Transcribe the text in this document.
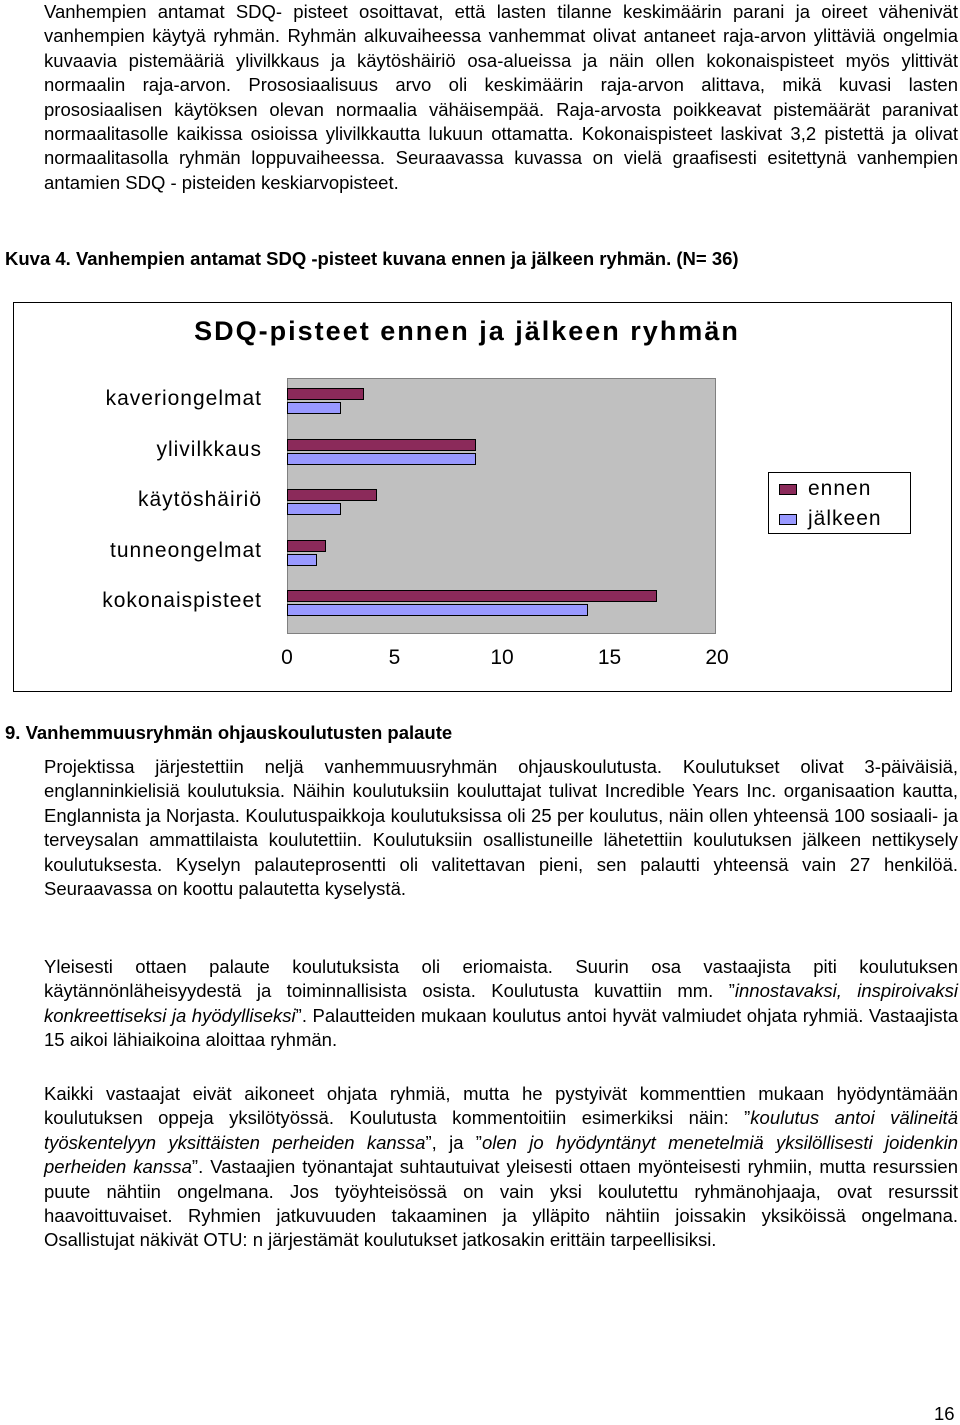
Vanhempien antamat SDQ- pisteet osoittavat, että lasten tilanne keskimäärin parani ja oireet vähenivät vanhempien käytyä ryhmän. Ryhmän alkuvaiheessa vanhemmat olivat antaneet raja-arvon ylittäviä ongelmia kuvaavia pistemääriä ylivilkkaus ja käytöshäiriö osa-alueissa ja näin ollen kokonaispisteet myös ylittivät normaalin raja-arvon. Prososiaalisuus arvo oli keskimäärin raja-arvon alittava, mikä kuvasi lasten prososiaalisen käytöksen olevan normaalia vähäisempää. Raja-arvosta poikkeavat pistemäärät paranivat normaalitasolle kaikissa osioissa ylivilkkautta lukuun ottamatta. Kokonaispisteet laskivat 3,2 pistettä ja olivat normaalitasolla ryhmän loppuvaiheessa. Seuraavassa kuvassa on vielä graafisesti esitettynä vanhempien antamien SDQ - pisteiden keskiarvopisteet.
Kuva 4. Vanhempien antamat SDQ -pisteet kuvana ennen ja jälkeen ryhmän. (N= 36)
SDQ-pisteet ennen ja jälkeen ryhmän
kaveriongelmat
ylivilkkaus
käytöshäiriö
tunneongelmat
kokonaispisteet
0	5	10	15	20
ennen
jälkeen
9. Vanhemmuusryhmän ohjauskoulutusten palaute
Projektissa järjestettiin neljä vanhemmuusryhmän ohjauskoulutusta. Koulutukset olivat 3-päiväisiä, englanninkielisiä koulutuksia. Näihin koulutuksiin kouluttajat tulivat Incredible Years Inc. organisaation kautta, Englannista ja Norjasta. Koulutuspaikkoja koulutuksissa oli 25 per koulutus, näin ollen yhteensä 100 sosiaali- ja terveysalan ammattilaista koulutettiin. Koulutuksiin osallistuneille lähetettiin koulutuksen jälkeen nettikysely koulutuksesta. Kyselyn palauteprosentti oli valitettavan pieni, sen palautti yhteensä vain 27 henkilöä. Seuraavassa on koottu palautetta kyselystä.
Yleisesti ottaen palaute koulutuksista oli eriomaista. Suurin osa vastaajista piti koulutuksen käytännönläheisyydestä ja toiminnallisista osista. Koulutusta kuvattiin mm. ”innostavaksi, inspiroivaksi konkreettiseksi ja hyödylliseksi”. Palautteiden mukaan koulutus antoi hyvät valmiudet ohjata ryhmiä. Vastaajista 15 aikoi lähiaikoina aloittaa ryhmän.
Kaikki vastaajat eivät aikoneet ohjata ryhmiä, mutta he pystyivät kommenttien mukaan hyödyntämään koulutuksen oppeja yksilötyössä. Koulutusta kommentoitiin esimerkiksi näin: ”koulutus antoi välineitä työskentelyyn yksittäisten perheiden kanssa”, ja ”olen jo hyödyntänyt menetelmiä yksilöllisesti joidenkin perheiden kanssa”. Vastaajien työnantajat suhtautuivat yleisesti ottaen myönteisesti ryhmiin, mutta resurssien puute nähtiin ongelmana. Jos työyhteisössä on vain yksi koulutettu ryhmänohjaaja, ovat resurssit haavoittuvaiset. Ryhmien jatkuvuuden takaaminen ja ylläpito nähtiin joissakin yksiköissä ongelmana. Osallistujat näkivät OTU: n järjestämät koulutukset jatkosakin erittäin tarpeellisiksi.
16
